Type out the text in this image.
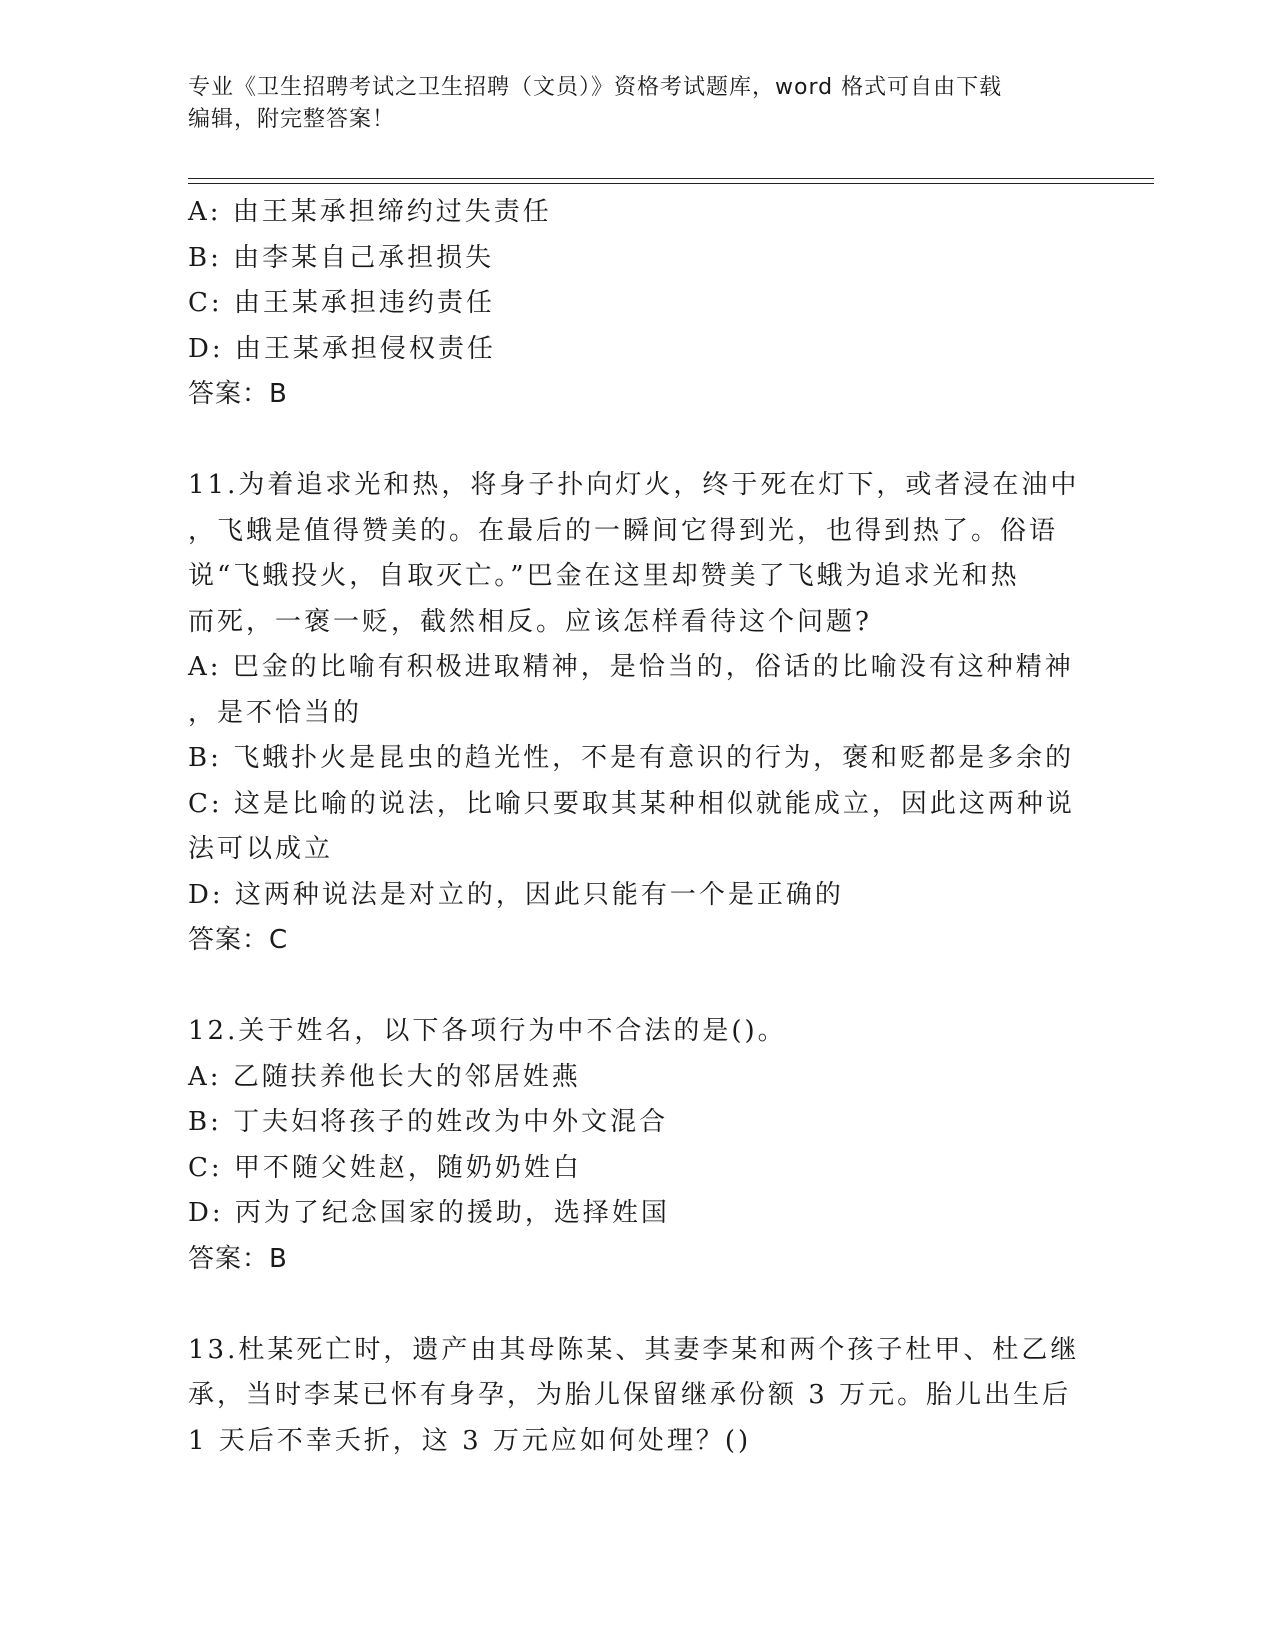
专业《卫生招聘考试之卫生招聘（文员）》资格考试题库，word 格式可自由下载
编辑，附完整答案！
A: 由王某承担缔约过失责任
B: 由李某自己承担损失
C: 由王某承担违约责任
D: 由王某承担侵权责任
答案：B
11.为着追求光和热，将身子扑向灯火，终于死在灯下，或者浸在油中
，飞蛾是值得赞美的。在最后的一瞬间它得到光，也得到热了。俗语
说“飞蛾投火，自取灭亡。”巴金在这里却赞美了飞蛾为追求光和热
而死，一褒一贬，截然相反。应该怎样看待这个问题?
A: 巴金的比喻有积极进取精神，是恰当的，俗话的比喻没有这种精神
，是不恰当的
B: 飞蛾扑火是昆虫的趋光性，不是有意识的行为，褒和贬都是多余的
C: 这是比喻的说法，比喻只要取其某种相似就能成立，因此这两种说
法可以成立
D: 这两种说法是对立的，因此只能有一个是正确的
答案：C
12.关于姓名，以下各项行为中不合法的是()。
A: 乙随扶养他长大的邻居姓燕
B: 丁夫妇将孩子的姓改为中外文混合
C: 甲不随父姓赵，随奶奶姓白
D: 丙为了纪念国家的援助，选择姓国
答案：B
13.杜某死亡时，遗产由其母陈某、其妻李某和两个孩子杜甲、杜乙继
承，当时李某已怀有身孕，为胎儿保留继承份额 3 万元。胎儿出生后
1 天后不幸夭折，这 3 万元应如何处理？()
